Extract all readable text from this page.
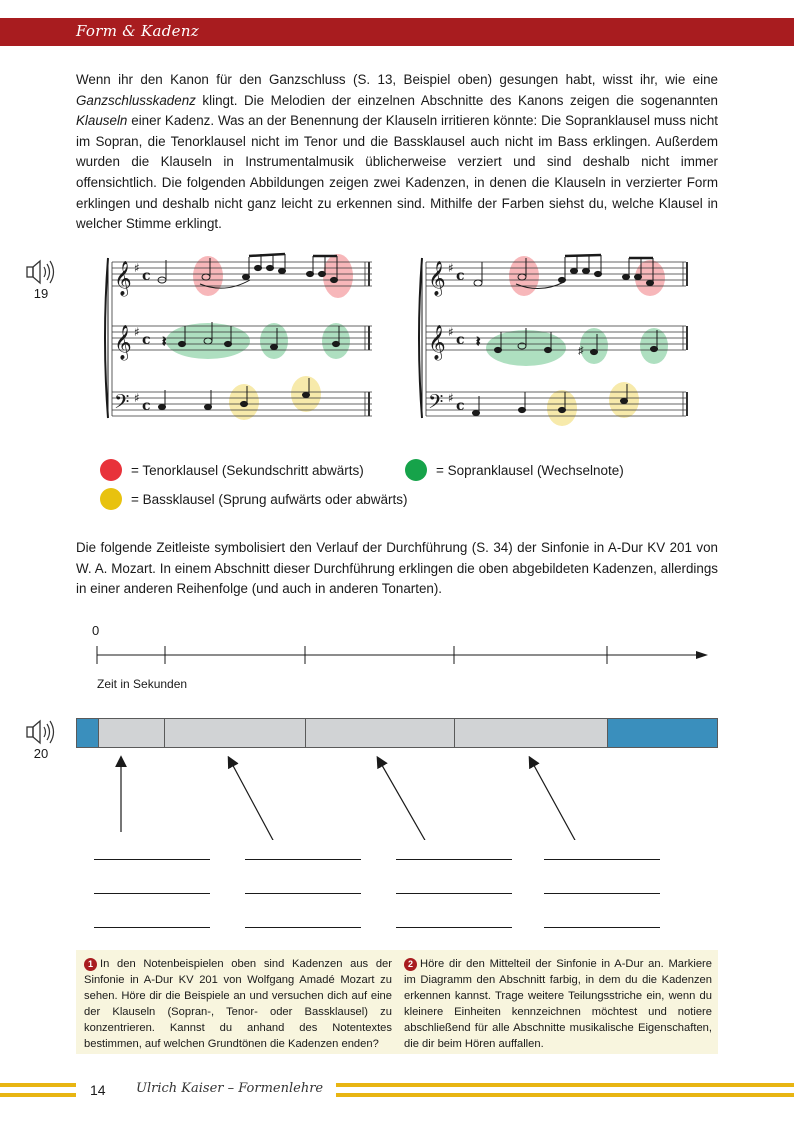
Form & Kadenz

Wenn ihr den Kanon für den Ganzschluss (S. 13, Beispiel oben) gesungen habt, wisst ihr, wie eine Ganzschlusskadenz klingt. Die Melodien der einzelnen Abschnitte des Kanons zeigen die sogenannten Klauseln einer Kadenz. Was an der Benennung der Klauseln irritieren könnte: Die Sopranklausel muss nicht im Sopran, die Tenorklausel nicht im Tenor und die Bassklausel auch nicht im Bass erklingen. Außerdem wurden die Klauseln in Instrumentalmusik üblicherweise verziert und sind deshalb nicht immer offensichtlich. Die folgenden Abbildungen zeigen zwei Kadenzen, in denen die Klauseln in verzierter Form erklingen und deshalb nicht ganz leicht zu erkennen sind. Mithilfe der Farben siehst du, welche Klausel in welcher Stimme erklingt.

19 𝄞
𝄞
𝄢
♯
♯
♯
c
c
c
𝄽
𝄞
𝄞
𝄢
♯
♯
♯
c
c
c
𝄽
♯
= Tenorklausel (Sekundschritt abwärts)	= Sopranklausel (Wechselnote)
= Bassklausel (Sprung aufwärts oder abwärts)

Die folgende Zeitleiste symbolisiert den Verlauf der Durchführung (S. 34) der Sinfonie in A-Dur KV 201 von W. A. Mozart. In einem Abschnitt dieser Durchführung erklingen die oben abgebildeten Kadenzen, allerdings in einer anderen Reihenfolge (und auch in anderen Tonarten).

0
Zeit in Sekunden
20
1 In den Notenbeispielen oben sind Kadenzen aus der Sinfonie in A-Dur KV 201 von Wolfgang Amadé Mozart zu sehen. Höre dir die Beispiele an und versuchen dich auf eine der Klauseln (Sopran-, Tenor- oder Bassklausel) zu konzentrieren. Kannst du anhand des Notentextes bestimmen, auf welchen Grundtönen die Kadenzen enden?
2 Höre dir den Mittelteil der Sinfonie in A-Dur an. Markiere im Diagramm den Abschnitt farbig, in dem du die Kadenzen erkennen kannst. Trage weitere Teilungsstriche ein, wenn du kleinere Einheiten kennzeichnen möchtest und notiere abschließend für alle Abschnitte musikalische Eigenschaften, die dir beim Hören auffallen.
14 Ulrich Kaiser – Formenlehre
